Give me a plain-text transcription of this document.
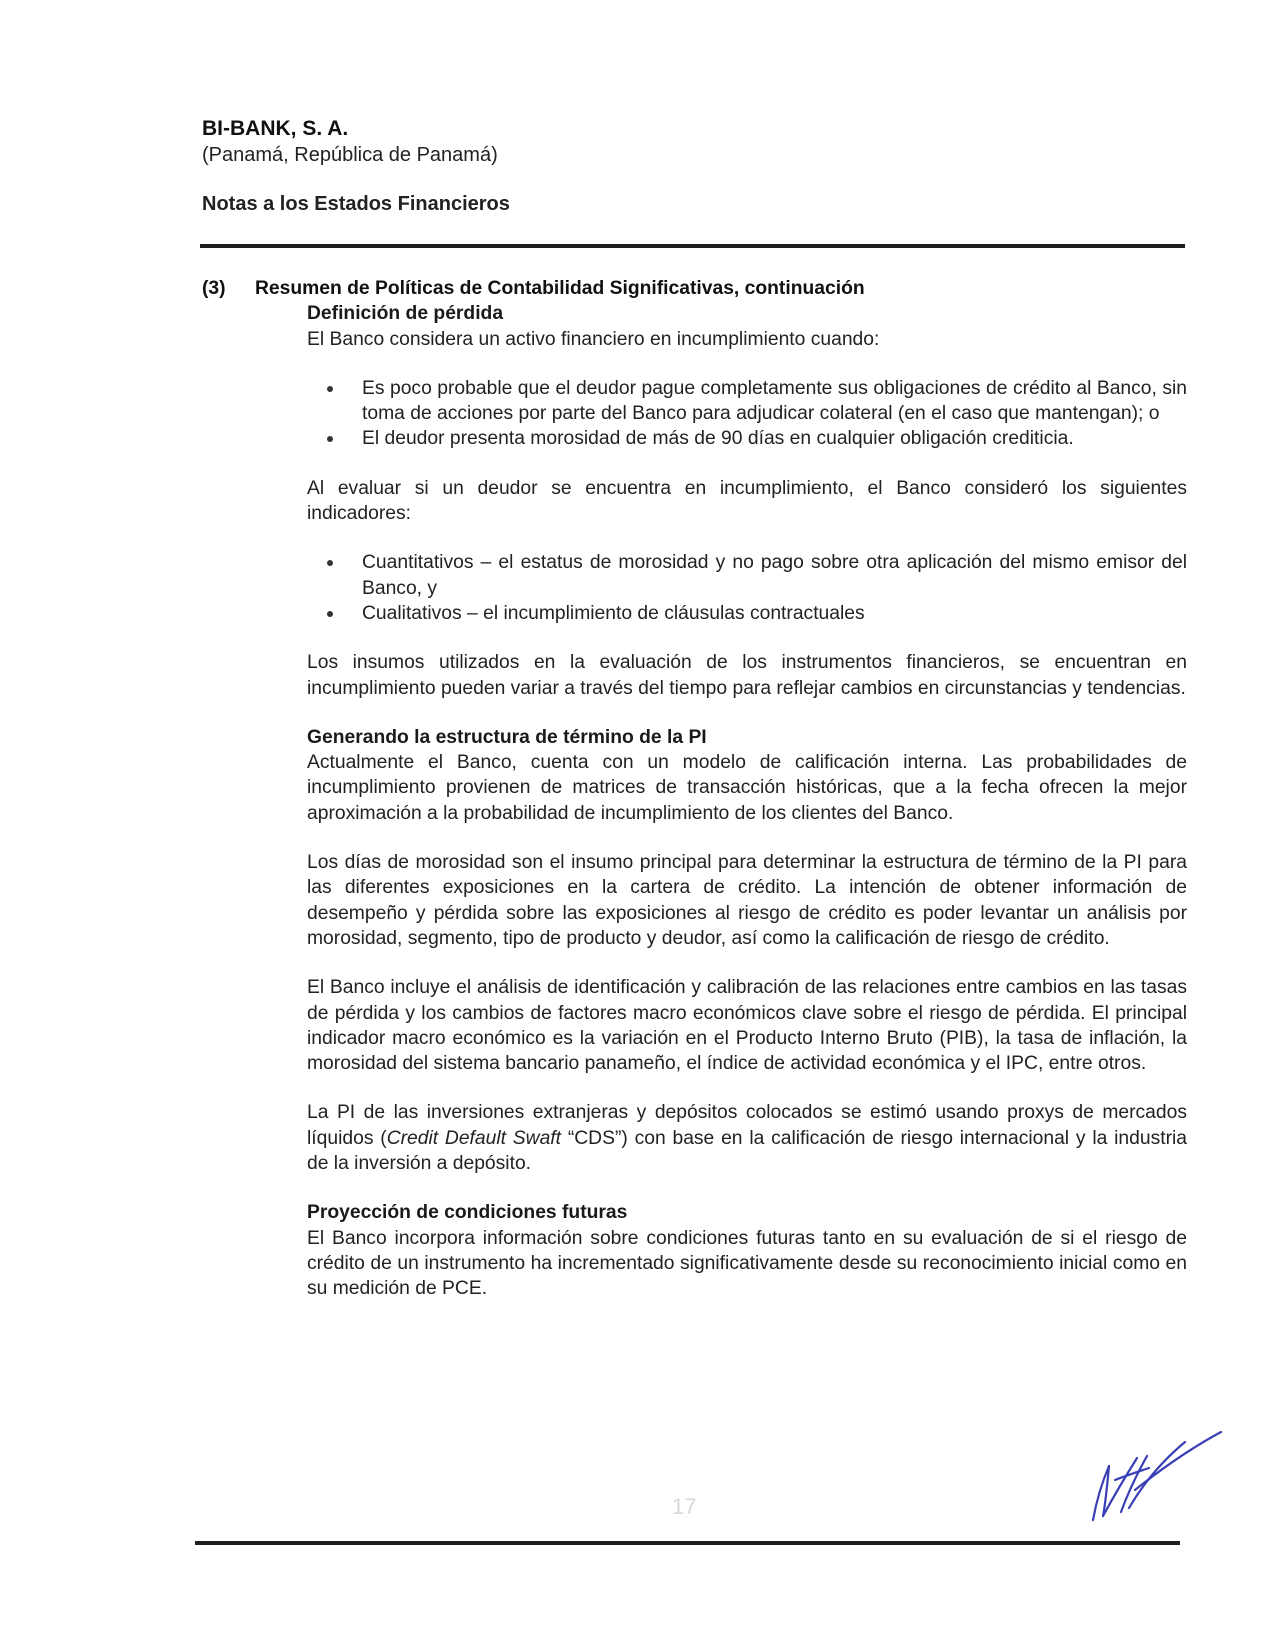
BI-BANK, S. A.
(Panamá, República de Panamá)
Notas a los Estados Financieros
(3)	Resumen de Políticas de Contabilidad Significativas, continuación
Definición de pérdida

El Banco considera un activo financiero en incumplimiento cuando:

Es poco probable que el deudor pague completamente sus obligaciones de crédito al Banco, sin toma de acciones por parte del Banco para adjudicar colateral (en el caso que mantengan); o
El deudor presenta morosidad de más de 90 días en cualquier obligación crediticia.

Al evaluar si un deudor se encuentra en incumplimiento, el Banco consideró los siguientes indicadores:

Cuantitativos – el estatus de morosidad y no pago sobre otra aplicación del mismo emisor del Banco, y
Cualitativos – el incumplimiento de cláusulas contractuales

Los insumos utilizados en la evaluación de los instrumentos financieros, se encuentran en incumplimiento pueden variar a través del tiempo para reflejar cambios en circunstancias y tendencias.

Generando la estructura de término de la PI

Actualmente el Banco, cuenta con un modelo de calificación interna. Las probabilidades de incumplimiento provienen de matrices de transacción históricas, que a la fecha ofrecen la mejor aproximación a la probabilidad de incumplimiento de los clientes del Banco.

Los días de morosidad son el insumo principal para determinar la estructura de término de la PI para las diferentes exposiciones en la cartera de crédito. La intención de obtener información de desempeño y pérdida sobre las exposiciones al riesgo de crédito es poder levantar un análisis por morosidad, segmento, tipo de producto y deudor, así como la calificación de riesgo de crédito.

El Banco incluye el análisis de identificación y calibración de las relaciones entre cambios en las tasas de pérdida y los cambios de factores macro económicos clave sobre el riesgo de pérdida. El principal indicador macro económico es la variación en el Producto Interno Bruto (PIB), la tasa de inflación, la morosidad del sistema bancario panameño, el índice de actividad económica y el IPC, entre otros.

La PI de las inversiones extranjeras y depósitos colocados se estimó usando proxys de mercados líquidos (Credit Default Swaft “CDS”) con base en la calificación de riesgo internacional y la industria de la inversión a depósito.

Proyección de condiciones futuras

El Banco incorpora información sobre condiciones futuras tanto en su evaluación de si el riesgo de crédito de un instrumento ha incrementado significativamente desde su reconocimiento inicial como en su medición de PCE.

17
